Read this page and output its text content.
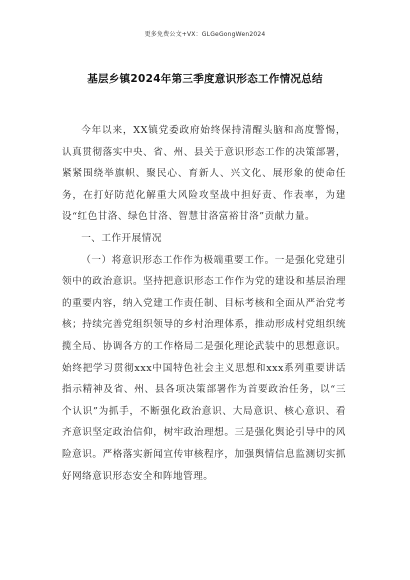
更多免费公文+VX：GLGeGongWen2024
基层乡镇2024年第三季度意识形态工作情况总结

今年以来，XX镇党委政府始终保持清醒头脑和高度警惕，认真贯彻落实中央、省、州、县关于意识形态工作的决策部署，紧紧围绕举旗帜、聚民心、育新人、兴文化、展形象的使命任务，在打好防范化解重大风险攻坚战中担好责、作表率，为建设“红色甘洛、绿色甘洛、智慧甘洛富裕甘洛”贡献力量。

一、工作开展情况

（一）将意识形态工作作为极端重要工作。一是强化党建引领中的政治意识。坚持把意识形态工作作为党的建设和基层治理的重要内容，纳入党建工作责任制、目标考核和全面从严治党考核；持续完善党组织领导的乡村治理体系，推动形成村党组织统揽全局、协调各方的工作格局二是强化理论武装中的思想意识。始终把学习贯彻xxx中国特色社会主义思想和xxx系列重要讲话指示精神及省、州、县各项决策部署作为首要政治任务，以“三个认识”为抓手，不断强化政治意识、大局意识、核心意识、看齐意识坚定政治信仰，树牢政治理想。三是强化舆论引导中的风险意识。严格落实新闻宣传审核程序，加强舆情信息监测切实抓好网络意识形态安全和阵地管理。
